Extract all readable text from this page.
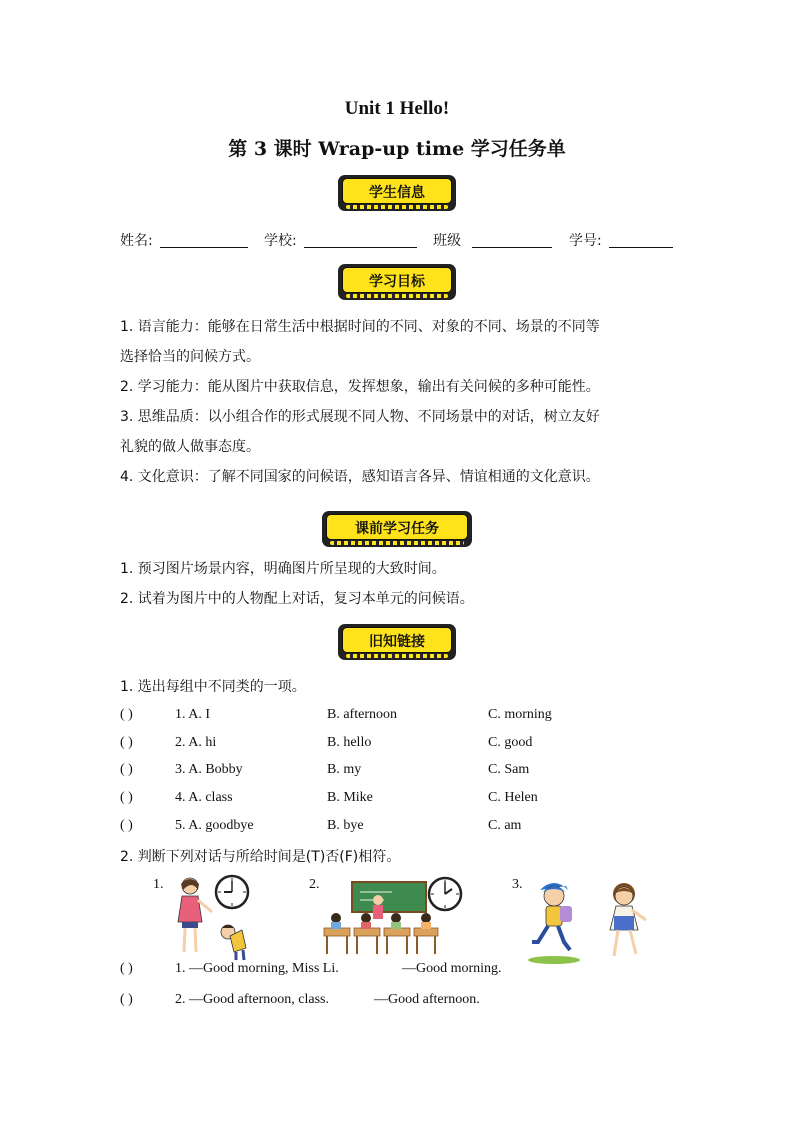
Unit 1 Hello!
第 3 课时 Wrap-up time 学习任务单
学生信息
姓名:	学校:	班级	学号:
学习目标
1. 语言能力：能够在日常生活中根据时间的不同、对象的不同、场景的不同等
选择恰当的问候方式。
2. 学习能力：能从图片中获取信息，发挥想象，输出有关问候的多种可能性。
3. 思维品质：以小组合作的形式展现不同人物、不同场景中的对话，树立友好
礼貌的做人做事态度。
4. 文化意识：了解不同国家的问候语，感知语言各异、情谊相通的文化意识。
课前学习任务
1. 预习图片场景内容，明确图片所呈现的大致时间。
2. 试着为图片中的人物配上对话，复习本单元的问候语。
旧知链接
1. 选出每组中不同类的一项。
( )	1. A. I	B. afternoon	C. morning
( )	2. A. hi	B. hello	C. good
( )	3. A. Bobby	B. my	C. Sam
( )	4. A. class	B. Mike	C. Helen
( )	5. A. goodbye	B. bye	C. am
2. 判断下列对话与所给时间是(T)否(F)相符。
1.	2.	3.
( )	1. —Good morning, Miss Li.	—Good morning.
( )	2. —Good afternoon, class.	—Good afternoon.
